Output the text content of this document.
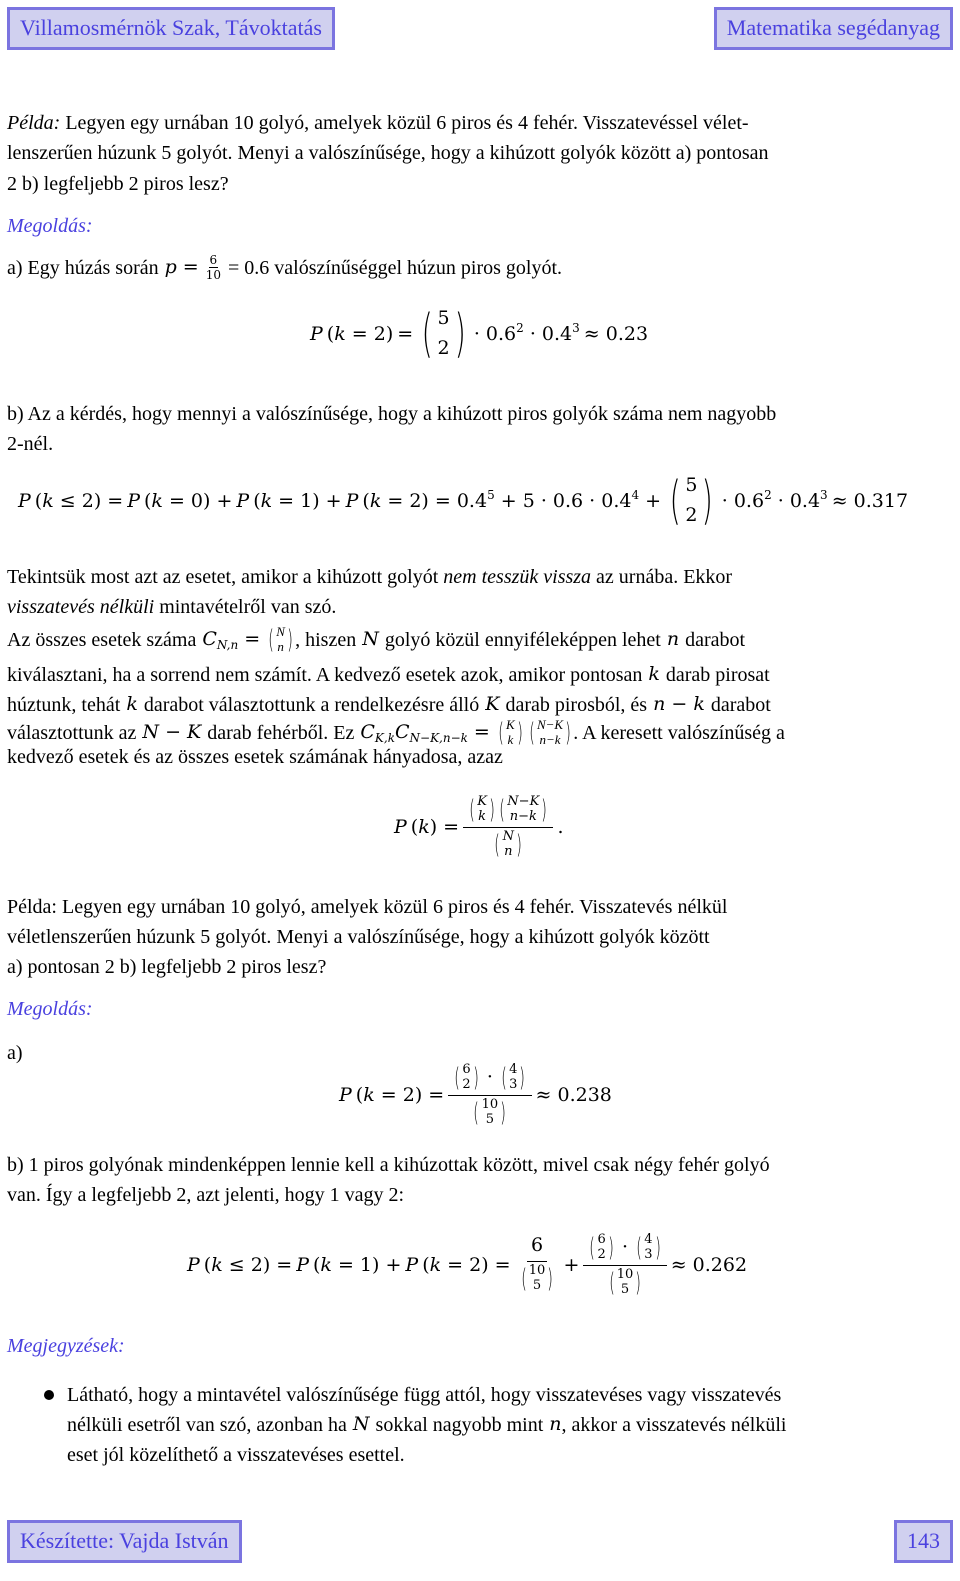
Villamosmérnök Szak, Távoktatás	Matematika segédanyag
Példa: Legyen egy urnában 10 golyó, amelyek közül 6 piros és 4 fehér. Visszatevéssel vélet-
lenszerűen húzunk 5 golyót. Menyi a valószínűsége, hogy a kihúzott golyók között a) pontosan
2 b) legfeljebb 2 piros lesz?
Megoldás:
a) Egy húzás során $p = \frac{6}{10} = 0.6$ valószínűséggel húzun piros golyót.
P (k = 2) = ( 5
2 ) · $0.6^2 \cdot 0.4^3 \approx 0.23$
b) Az a kérdés, hogy mennyi a valószínűsége, hogy a kihúzott piros golyók száma nem nagyobb
2-nél.
P (k ≤ 2) = P (k = 0) + P (k = 1) + P $(k = 2) = 0.4^5 + 5 \cdot 0.6 \cdot 0.4^4$ + ( 5
2 ) · $0.6^2 \cdot 0.4^3 \approx 0.317$
Tekintsük most azt az esetet, amikor a kihúzott golyót nem tesszük vissza az urnába. Ekkor
visszatevés nélküli mintavételről van szó.
Az összes esetek száma $C_{N,n}$ = ( N
n ) , hiszen N golyó közül ennyiféleképpen lehet n darabot
kiválasztani, ha a sorrend nem számít. A kedvező esetek azok, amikor pontosan k darab pirosat
húztunk, tehát k darabot választottunk a rendelkezésre álló K darab pirosból, és n − k darabot
választottunk az N − K darab fehérből. Ez $C_{K,k}C_{N-K,n-k}$ = ( K
k ) ( N−K
n−k ) . A keresett valószínűség a
kedvező esetek és az összes esetek számának hányadosa, azaz
P (k) = ( K
k ) ( N−K
n−k )
( N
n ) .
Példa: Legyen egy urnában 10 golyó, amelyek közül 6 piros és 4 fehér. Visszatevés nélkül
véletlenszerűen húzunk 5 golyót. Menyi a valószínűsége, hogy a kihúzott golyók között
a) pontosan 2 b) legfeljebb 2 piros lesz?
Megoldás:
a)
P (k = 2) = ( 6
2 ) · ( 4
3 )
( 10
5 ) ≈ 0.238
b) 1 piros golyónak mindenképpen lennie kell a kihúzottak között, mivel csak négy fehér golyó
van. Így a legfeljebb 2, azt jelenti, hogy 1 vagy 2:
P (k ≤ 2) = P (k = 1) + P (k = 2) = 6
( 10
5 ) + ( 6
2 ) · ( 4
3 )
( 10
5 ) ≈ 0.262
Megjegyzések:
Látható, hogy a mintavétel valószínűsége függ attól, hogy visszatevéses vagy visszatevés
nélküli esetről van szó, azonban ha N sokkal nagyobb mint n , akkor a visszatevés nélküli
eset jól közelíthető a visszatevéses esettel.
Készítette: Vajda István	143
